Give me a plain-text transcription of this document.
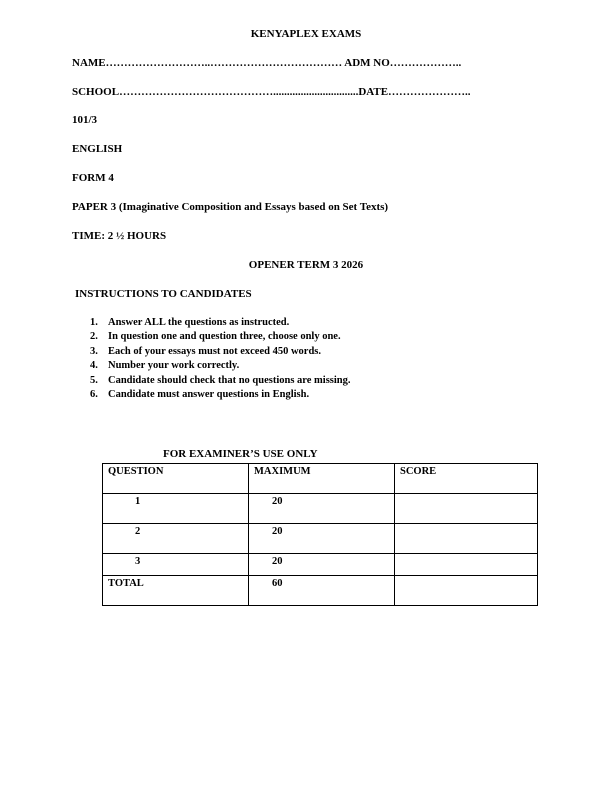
KENYAPLEX EXAMS
NAME………………………..……………………………… ADM NO………………..
SCHOOL……………………………………...............................DATE…………………..
101/3
ENGLISH
FORM 4
PAPER 3 (Imaginative Composition and Essays based on Set Texts)
TIME: 2 ½ HOURS
OPENER TERM 3 2026
INSTRUCTIONS TO CANDIDATES
1. Answer ALL the questions as instructed.
2. In question one and question three, choose only one.
3. Each of your essays must not exceed 450 words.
4. Number your work correctly.
5. Candidate should check that no questions are missing.
6. Candidate must answer questions in English.
FOR EXAMINER’S USE ONLY
QUESTION	MAXIMUM	SCORE
1	20	
2	20	
3	20	
TOTAL	60	
